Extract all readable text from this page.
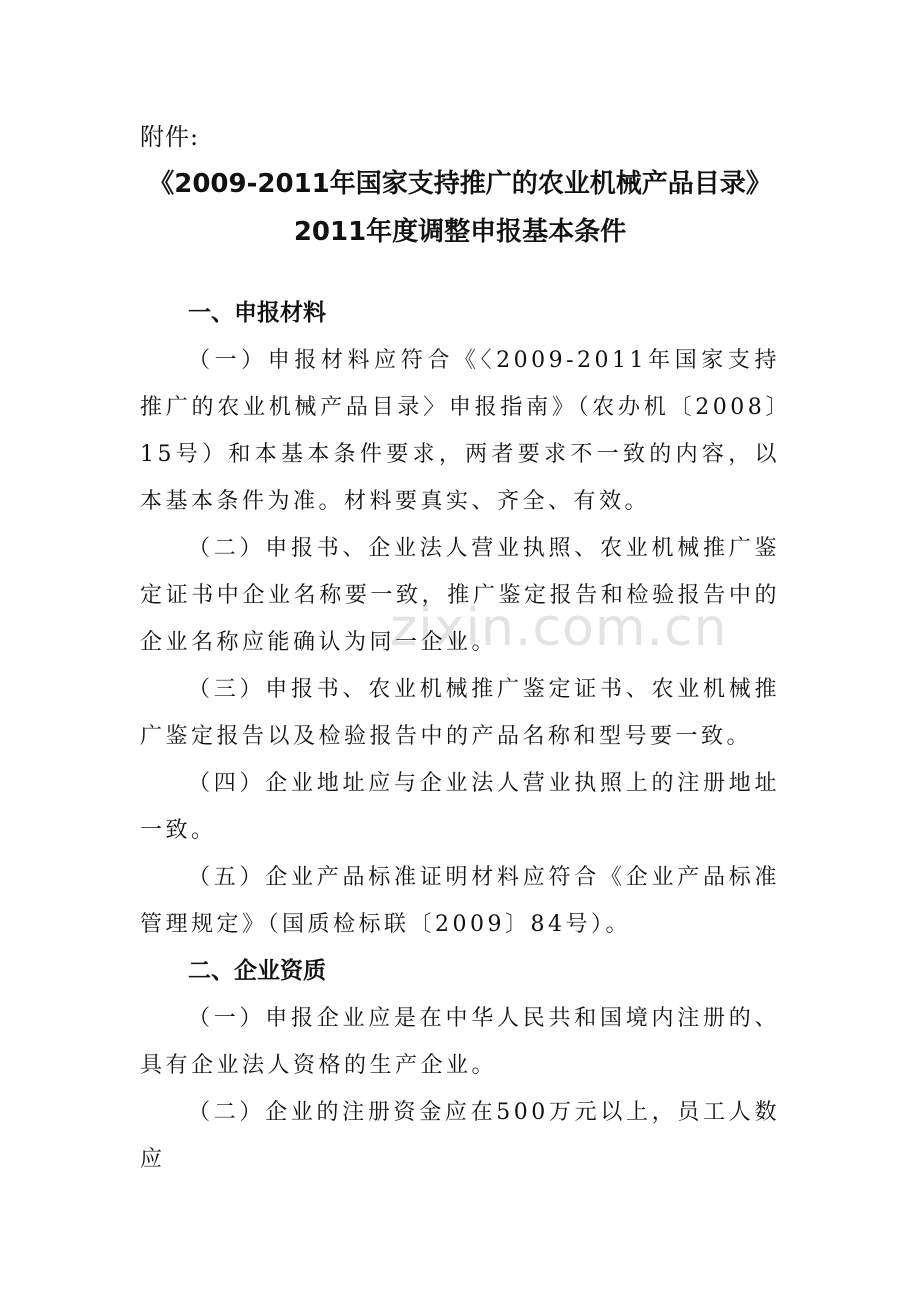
zixin.com.cn
附件:
《2009-2011年国家支持推广的农业机械产品目录》
2011年度调整申报基本条件
一、申报材料

（一）申报材料应符合《〈2009-2011年国家支持推广的农业机械产品目录〉申报指南》（农办机〔2008〕15号）和本基本条件要求，两者要求不一致的内容，以本基本条件为准。材料要真实、齐全、有效。

（二）申报书、企业法人营业执照、农业机械推广鉴定证书中企业名称要一致，推广鉴定报告和检验报告中的企业名称应能确认为同一企业。

（三）申报书、农业机械推广鉴定证书、农业机械推广鉴定报告以及检验报告中的产品名称和型号要一致。

（四）企业地址应与企业法人营业执照上的注册地址一致。

（五）企业产品标准证明材料应符合《企业产品标准管理规定》（国质检标联〔2009〕84号）。

二、企业资质

（一）申报企业应是在中华人民共和国境内注册的、具有企业法人资格的生产企业。

（二）企业的注册资金应在500万元以上，员工人数应
